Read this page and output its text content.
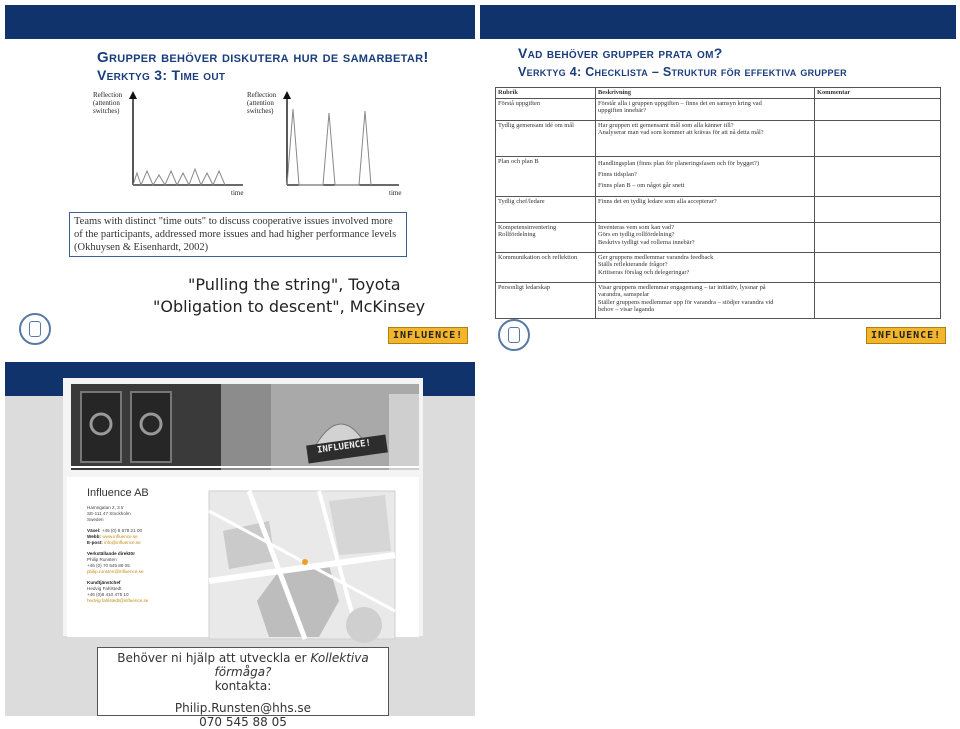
Grupper behöver diskutera hur de samarbetar!
Verktyg 3: Time out
Reflection
(attention
switches)
Reflection
(attention
switches)
time	time
Teams with distinct "time outs" to discuss cooperative issues involved more
of the participants, addressed more issues and had higher performance levels
(Okhuysen & Eisenhardt, 2002)
"Pulling the string", Toyota
"Obligation to descent", McKinsey
INFLUENCE!
Vad behöver grupper prata om?
Verktyg 4: Checklista – Struktur för effektiva grupper
Rubrik	Beskrivning	Kommentar
Förstå uppgiften	Förstår alla i gruppen uppgiften – finns det en samsyn kring vad
uppgiften innebär?	

Tydlig gemensam idé om mål	Har gruppen ett gemensamt mål som alla känner till?
Analyserar man vad som kommer att krävas för att nå detta mål?	

Plan och plan B	Handlingsplan (finns plan för planeringsfasen och för bygget?)
Finns tidsplan?
Finns plan B – om något går snett	

Tydlig chef/ledare	Finns det en tydlig ledare som alla accepterar?	

Kompetensinventering Rollfördelning	Inventeras vem som kan vad?
Görs en tydlig rollfördelning?
Beskrivs tydligt vad rollerna innebär?	

Kommunikation och reflektion	Ger gruppens medlemmar varandra feedback
Ställs reflekterande frågor?
Kritiseras förslag och delegeringar?	

Personligt ledarskap	Visar gruppens medlemmar engagemang – tar initiativ, lyssnar på
varandra, samspelar
Ställer gruppens medlemmar upp för varandra – stödjer varandra vid
behov – visar laganda	

INFLUENCE!
INFLUENCE!
Influence AB
Hamngatan 2, 3 tr
SE-111 47 Stockholm
Sweden
Växel: +46 (0) 8 678 21 00
Webb: www.influence.se
E-post: info@influence.se
Verkställande direktör
Philip Runsten
+46 (0) 70 545 88 05
philip.runsten@influence.se
Kundtjänstchef
Hedvig Fahlstedt
+46 (0)8 410 475 10
hedvig.fahlstedt@influence.se
Behöver ni hjälp att utveckla er Kollektiva förmåga?
kontakta:
Philip.Runsten@hhs.se
070 545 88 05
